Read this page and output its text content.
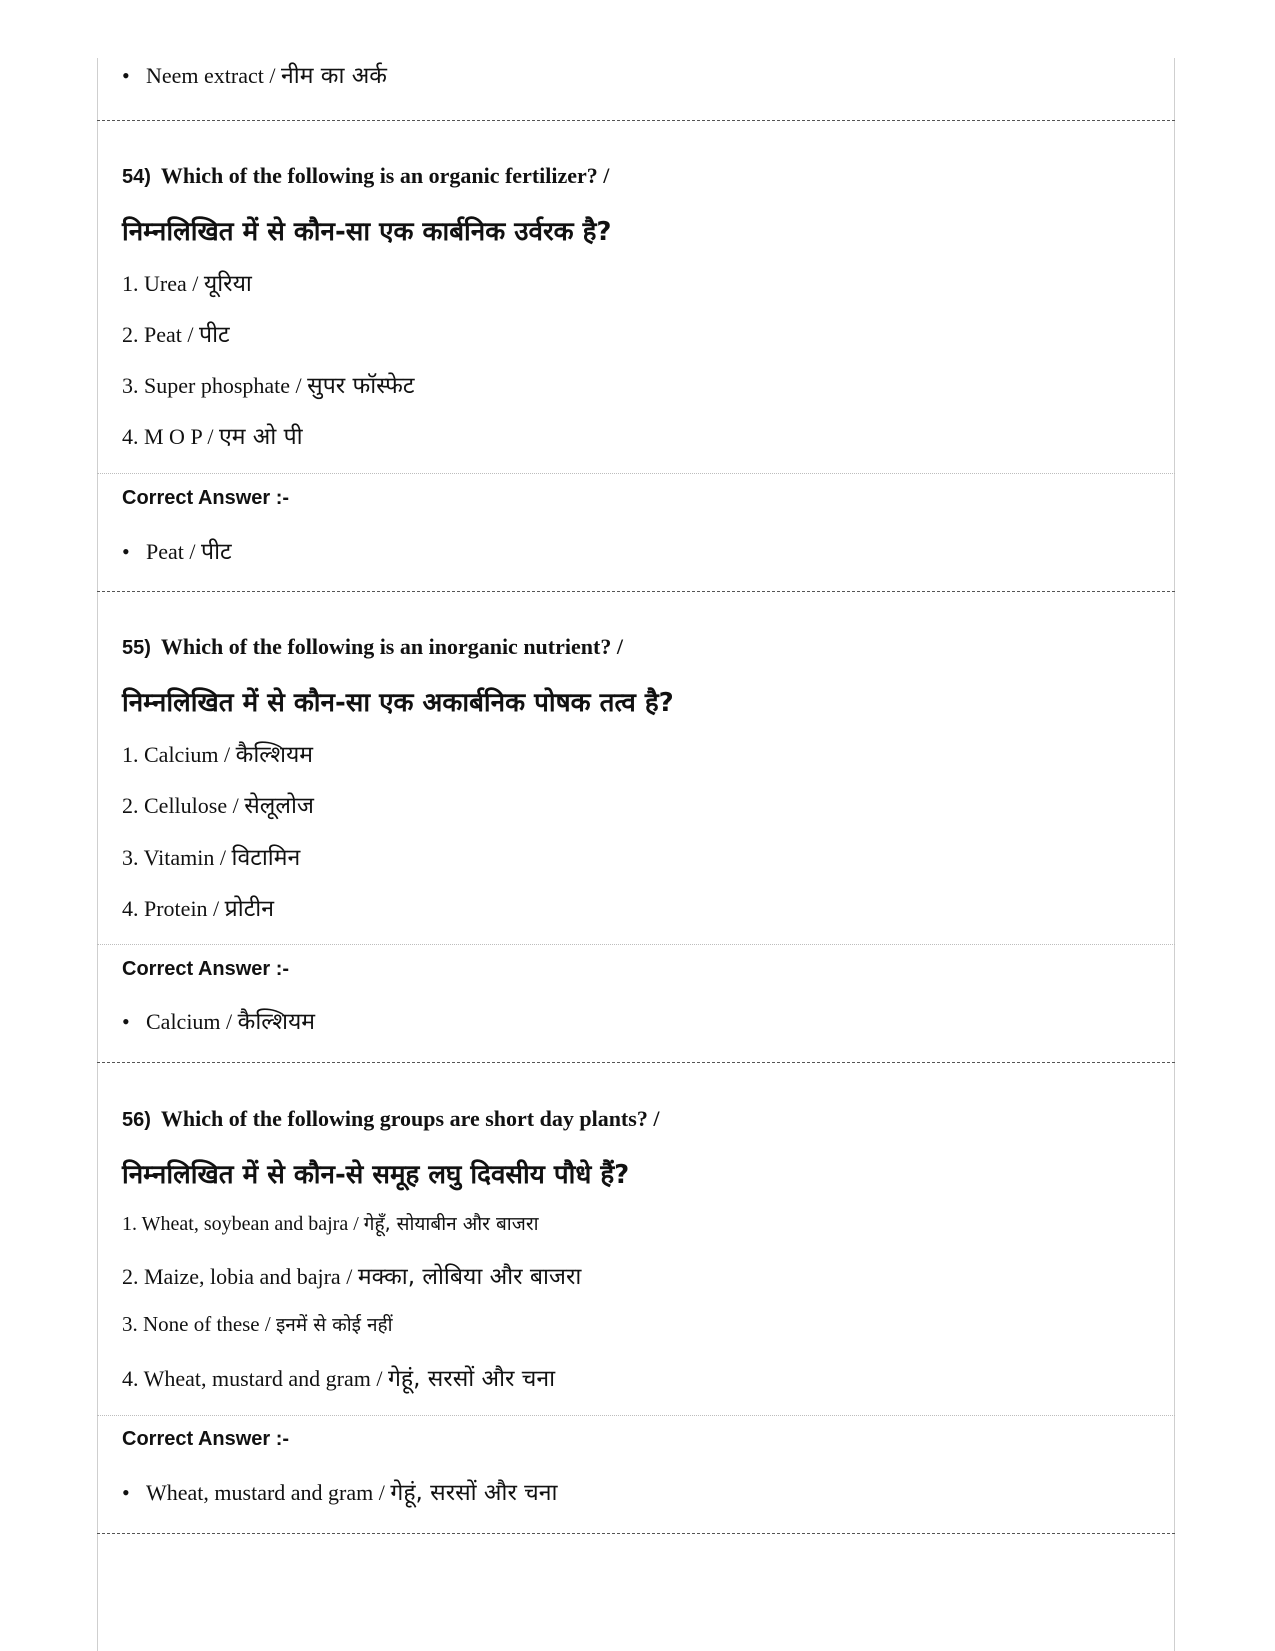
• Neem extract / नीम का अर्क

54) Which of the following is an organic fertilizer? /

निम्नलिखित में से कौन-सा एक कार्बनिक उर्वरक है?

1. Urea / यूरिया

2. Peat / पीट

3. Super phosphate / सुपर फॉस्फेट

4. M O P / एम ओ पी

Correct Answer :-

• Peat / पीट

55) Which of the following is an inorganic nutrient? /

निम्नलिखित में से कौन-सा एक अकार्बनिक पोषक तत्व है?

1. Calcium / कैल्शियम

2. Cellulose / सेलूलोज

3. Vitamin / विटामिन

4. Protein / प्रोटीन

Correct Answer :-

• Calcium / कैल्शियम

56) Which of the following groups are short day plants? /

निम्नलिखित में से कौन-से समूह लघु दिवसीय पौधे हैं?

1. Wheat, soybean and bajra / गेहूँ, सोयाबीन और बाजरा

2. Maize, lobia and bajra / मक्का, लोबिया और बाजरा

3. None of these / इनमें से कोई नहीं

4. Wheat, mustard and gram / गेहूं, सरसों और चना

Correct Answer :-

• Wheat, mustard and gram / गेहूं, सरसों और चना
